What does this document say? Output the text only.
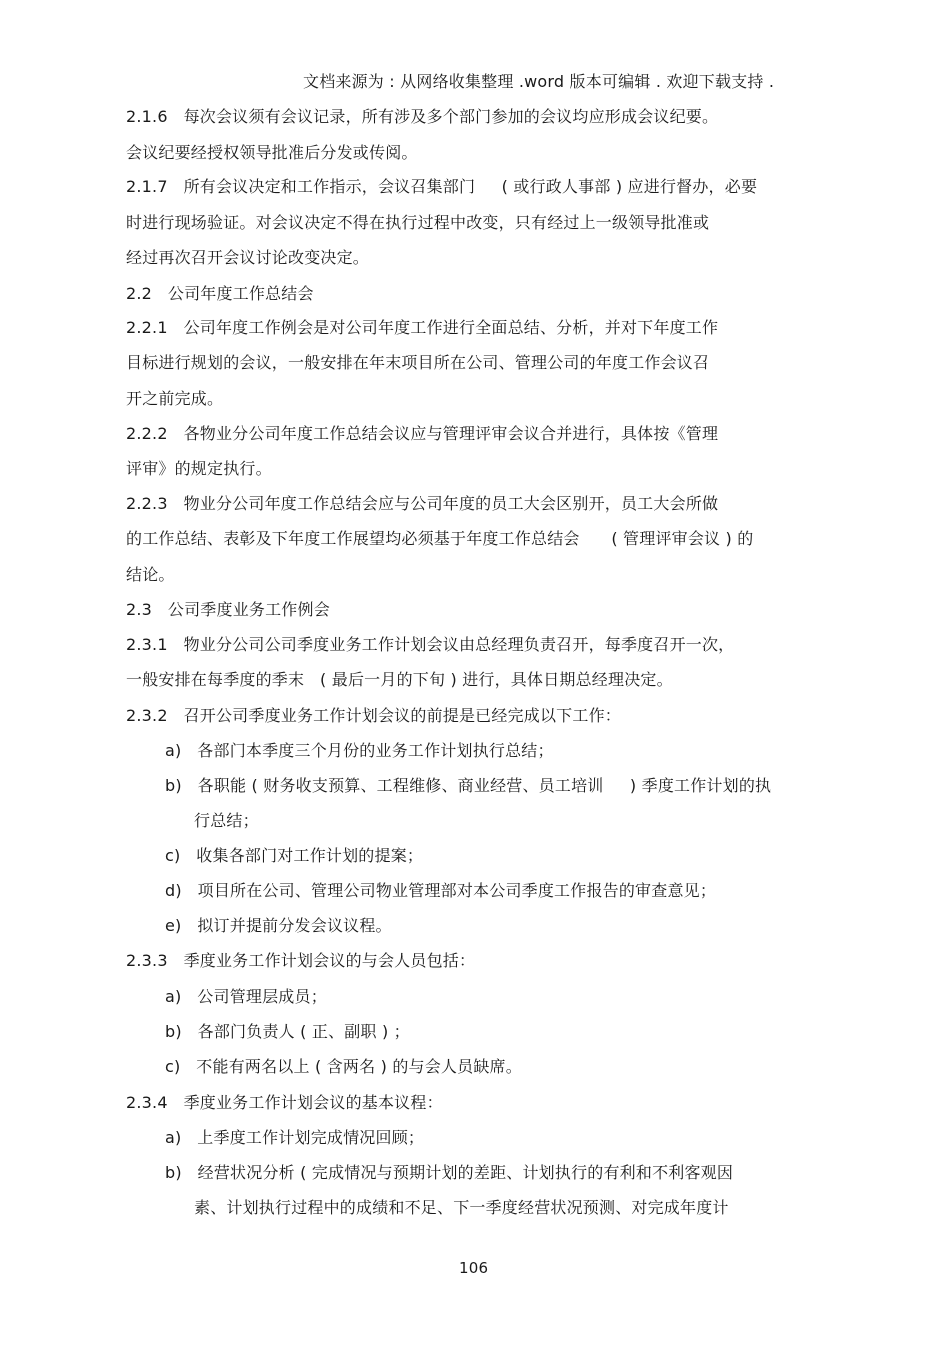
文档来源为 : 从网络收集整理 .word 版本可编辑 . 欢迎下载支持 .
2.1.6   每次会议须有会议记录，所有涉及多个部门参加的会议均应形成会议纪要。
会议纪要经授权领导批准后分发或传阅。
2.1.7   所有会议决定和工作指示，会议召集部门     ( 或行政人事部 ) 应进行督办，必要
时进行现场验证。对会议决定不得在执行过程中改变，只有经过上一级领导批准或
经过再次召开会议讨论改变决定。
2.2   公司年度工作总结会
2.2.1   公司年度工作例会是对公司年度工作进行全面总结、分析，并对下年度工作
目标进行规划的会议，一般安排在年末项目所在公司、管理公司的年度工作会议召
开之前完成。
2.2.2   各物业分公司年度工作总结会议应与管理评审会议合并进行，具体按《管理
评审》的规定执行。
2.2.3   物业分公司年度工作总结会应与公司年度的员工大会区别开，员工大会所做
的工作总结、表彰及下年度工作展望均必须基于年度工作总结会      ( 管理评审会议 ) 的
结论。
2.3   公司季度业务工作例会
2.3.1   物业分公司公司季度业务工作计划会议由总经理负责召开，每季度召开一次，
一般安排在每季度的季末   ( 最后一月的下旬 ) 进行，具体日期总经理决定。
2.3.2   召开公司季度业务工作计划会议的前提是已经完成以下工作：
a)   各部门本季度三个月份的业务工作计划执行总结；
b)   各职能 ( 财务收支预算、工程维修、商业经营、员工培训     ) 季度工作计划的执
行总结；
c)   收集各部门对工作计划的提案；
d)   项目所在公司、管理公司物业管理部对本公司季度工作报告的审查意见；
e)   拟订并提前分发会议议程。
2.3.3   季度业务工作计划会议的与会人员包括：
a)   公司管理层成员；
b)   各部门负责人 ( 正、副职 ) ；
c)   不能有两名以上 ( 含两名 ) 的与会人员缺席。
2.3.4   季度业务工作计划会议的基本议程：
a)   上季度工作计划完成情况回顾；
b)   经营状况分析 ( 完成情况与预期计划的差距、计划执行的有利和不利客观因
素、计划执行过程中的成绩和不足、下一季度经营状况预测、对完成年度计
106
